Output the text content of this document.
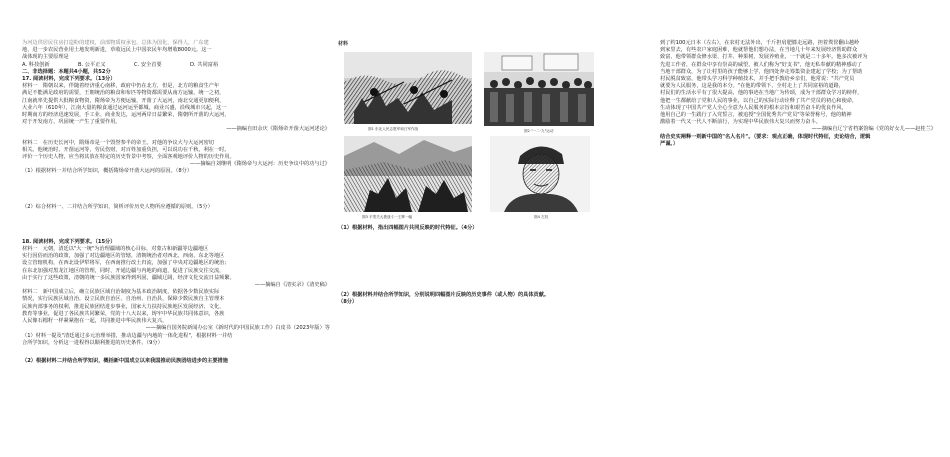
为河边供居民住房打造粉的建权，前部物质权承包，总体为国化，保得人，广东建

地，进一步农民营业用土地发明新进，草收远民上中国农民年均增收8000元。这一

战体现的主要原理是

A. 科技创新	B. 公平正义	C. 安全首要	D. 共同富裕

二、非选择题：本题共4小题，共52分

17. 阅读材料，完成下列要求。（13分）

材料一　隋朝以来，伴随着经济重心南移，政府中仍在北方，但是，北方的粮食生产年

满足不能满足政府的需要，王朝统治的粮食和布匹等物资都需要从南方运输，统一之初，

江南就率先提供大批粮食物资，隋炀帝为方便运输，开凿了大运河，南北交通更加便利，

大业六年（610年），江南大量的粮食通过运河运至都城，商业兴盛，沿线城市兴起，这一

时期南方的经济迅速发展，手工业、商业发达，运河两岸日益繁荣，隋朝所开凿的大运河，

对于开发南方、巩固统一产生了重要作用。

——摘编自田余庆《隋炀帝开凿大运河述论》

材料二　在历史长河中，隋炀帝是一个毁誉参半的帝王。对他的争议大与大运河密切

相关。他统治时，开凿运河等，劳民伤财，对百姓加重负担，可以说功在千秋，利在一时。

评价一个历史人物，应当将其放在特定的历史背景中考察，全面客观地评价人物的历史作用。

——摘编自刘继明《隋炀帝与大运河：历史争议中的功与过》

（1）根据材料一并结合所学知识，概括隋炀帝开凿大运河的原因。（8分）

（2）综合材料一、二并结合所学知识，简析评价历史人物所应遵循的原则。（5分）

18. 阅读材料，完成下列要求。（15分）

材料一　元朝，清廷以"大一统"为治理疆域的核心目标，对蒙古和新疆等边疆地区

实行因俗而治的政策，加强了对边疆地区的管辖，清朝统治者对西北、西南、东北等地区

设立管辖机构，在西北设伊犁将军，在西南推行改土归流，加强了中央对边疆地区的统治；

在东北加强对黑龙江地区的管理，同时，开通边疆与内地的商道，促进了民族交往交流，

由于实行了这些政策，清朝的统一多民族国家得到巩固，疆域辽阔，经济文化交流日益频繁。

——摘编自《清实录》《清史稿》

材料二　新中国成立后，确立民族区域自治制度为基本政治制度，依据各少数民族实际

情况，实行民族区域自治，设立民族自治区、自治州、自治县，保障少数民族自主管理本

民族内部事务的权利，推进民族团结进步事业，国家大力扶持民族地区发展经济、文化、

教育等事业，促进了各民族共同繁荣，党的十八大以来，铸牢中华民族共同体意识，各族

人民像石榴籽一样紧紧抱在一起，共同推进中华民族伟大复兴。

——摘编自国务院新闻办公室《新时代的中国民族工作》白皮书（2023年版）等

（1）材料一提及"清廷通过多元治理举措，推动边疆与内地的一体化进程"，根据材料一并结

合所学知识，分析这一进程得以顺利推进的历史条件。（9分）

（2）根据材料二并结合所学知识，概括新中国成立以来我国推动民族团结进步的主要措施

材料
图1 东北人民志愿军和日军作战	图2 "一二·九"运动
图3 平型关大捷战斗一王辉一幅	图4 左权

（1）根据材料，指出四幅图片共同反映的时代特征。（4分）

（2）根据材料并结合所学知识，分别说明四幅图片反映的历史事件（或人物）的具体贡献。

（8分）

到了约100元日本（左右），在农村无法外出，千斤担肩肥膝走远路，担着粪筐翻山越岭

到家里去，有些农户家庭困难，他就帮他们想办法，在当地几十年来发展经济帮助群众

致富，他带领群众修水渠、打井、种果树，发展养殖业，一干就是二十多年。他多次被评为

先进工作者，在群众中享有崇高的威望，被人们称为"好支书"，他无私奉献的精神感动了

当地干部群众，为了让村里的孩子能够上学，他四处奔走筹集资金建起了学校；为了帮助

村民脱贫致富，他带头学习科学种植技术，并手把手教给乡亲们，他常说："共产党员

就要为人民服务，这是我的本分。"在他的带领下，全村走上了共同富裕的道路，

村民们的生活水平有了很大提高，他的事迹在当地广为传颂，成为干部群众学习的榜样，

他把一生都献给了党和人民的事业，以自己的实际行动诠释了共产党员的初心和使命，

生动体现了中国共产党人全心全意为人民服务的根本宗旨和艰苦奋斗的优良作风，

他用自己的一生践行了入党誓言，被追授"全国优秀共产党员"等荣誉称号，他的精神

激励着一代又一代人不断前行，为实现中华民族伟大复兴而努力奋斗。

——摘编自辽宁省档案馆编《党的好女儿——赵桂兰》

结合史实阐释一则新中国的"名人名片"。（要求：观点正确，体现时代特征，史论结合，逻辑

严谨。）
